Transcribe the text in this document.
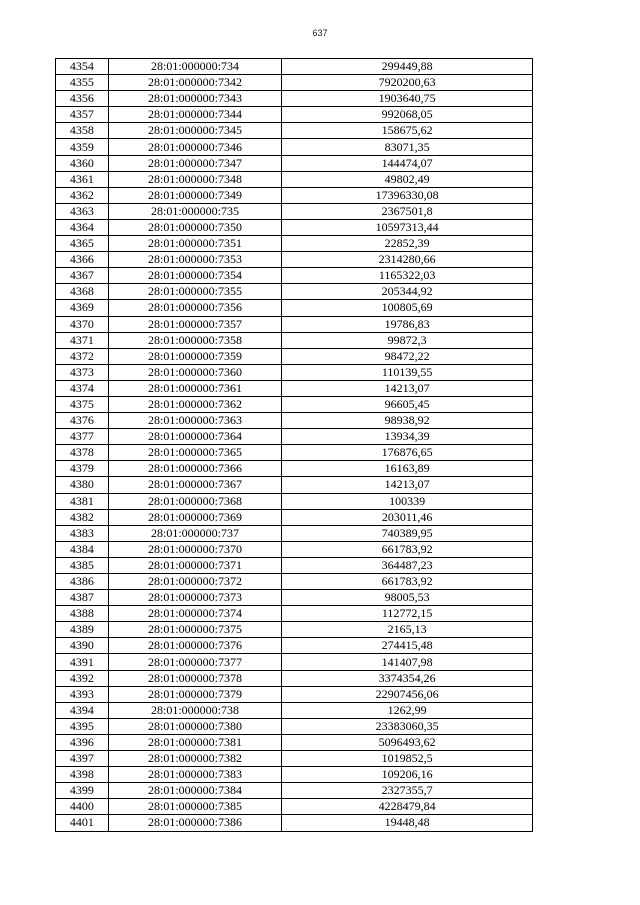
637
4354	28:01:000000:734	299449,88
4355	28:01:000000:7342	7920200,63
4356	28:01:000000:7343	1903640,75
4357	28:01:000000:7344	992068,05
4358	28:01:000000:7345	158675,62
4359	28:01:000000:7346	83071,35
4360	28:01:000000:7347	144474,07
4361	28:01:000000:7348	49802,49
4362	28:01:000000:7349	17396330,08
4363	28:01:000000:735	2367501,8
4364	28:01:000000:7350	10597313,44
4365	28:01:000000:7351	22852,39
4366	28:01:000000:7353	2314280,66
4367	28:01:000000:7354	1165322,03
4368	28:01:000000:7355	205344,92
4369	28:01:000000:7356	100805,69
4370	28:01:000000:7357	19786,83
4371	28:01:000000:7358	99872,3
4372	28:01:000000:7359	98472,22
4373	28:01:000000:7360	110139,55
4374	28:01:000000:7361	14213,07
4375	28:01:000000:7362	96605,45
4376	28:01:000000:7363	98938,92
4377	28:01:000000:7364	13934,39
4378	28:01:000000:7365	176876,65
4379	28:01:000000:7366	16163,89
4380	28:01:000000:7367	14213,07
4381	28:01:000000:7368	100339
4382	28:01:000000:7369	203011,46
4383	28:01:000000:737	740389,95
4384	28:01:000000:7370	661783,92
4385	28:01:000000:7371	364487,23
4386	28:01:000000:7372	661783,92
4387	28:01:000000:7373	98005,53
4388	28:01:000000:7374	112772,15
4389	28:01:000000:7375	2165,13
4390	28:01:000000:7376	274415,48
4391	28:01:000000:7377	141407,98
4392	28:01:000000:7378	3374354,26
4393	28:01:000000:7379	22907456,06
4394	28:01:000000:738	1262,99
4395	28:01:000000:7380	23383060,35
4396	28:01:000000:7381	5096493,62
4397	28:01:000000:7382	1019852,5
4398	28:01:000000:7383	109206,16
4399	28:01:000000:7384	2327355,7
4400	28:01:000000:7385	4228479,84
4401	28:01:000000:7386	19448,48
